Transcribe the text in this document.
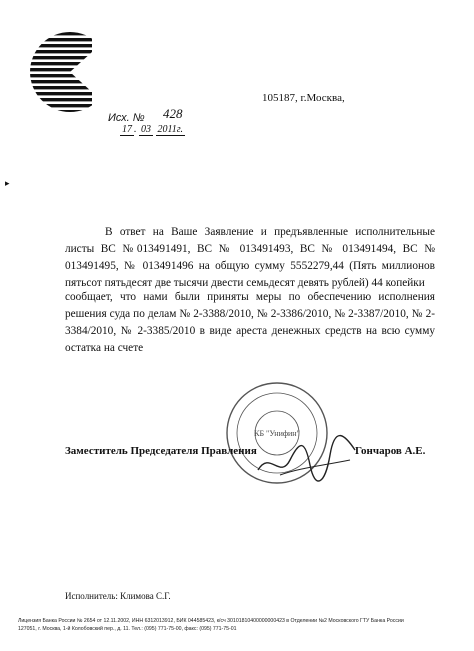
105187, г.Москва,
Исх. № 428
17 . 03 2011г.
▸
В ответ на Ваше Заявление и предъявленные исполнительные листы ВС №013491491, ВС № 013491493, ВС № 013491494, ВС № 013491495, № 013491496 на общую сумму 5552279,44 (Пять миллионов пятьсот пятьдесят две тысячи двести семьдесят девять рублей) 44 копейки
сообщает, что нами были приняты меры по обеспечению исполнения решения суда по делам № 2-3388/2010, № 2-3386/2010, № 2-3387/2010, № 2-3384/2010, № 2-3385/2010 в виде ареста денежных средств на всю сумму остатка на счете
КБ "Унифин"
Заместитель Председателя Правления	Гончаров А.Е.
Исполнитель: Климова С.Г.
Лицензия Банка России № 2654 от 12.11.2002, ИНН 6312013912, БИК 044585423, к/сч 30101810400000000423 в Отделении №2 Московского ГТУ Банка России
127051, г. Москва, 1-й Колобовский пер., д. 11. Тел.: (095) 771-75-00, факс: (095) 771-75-01
